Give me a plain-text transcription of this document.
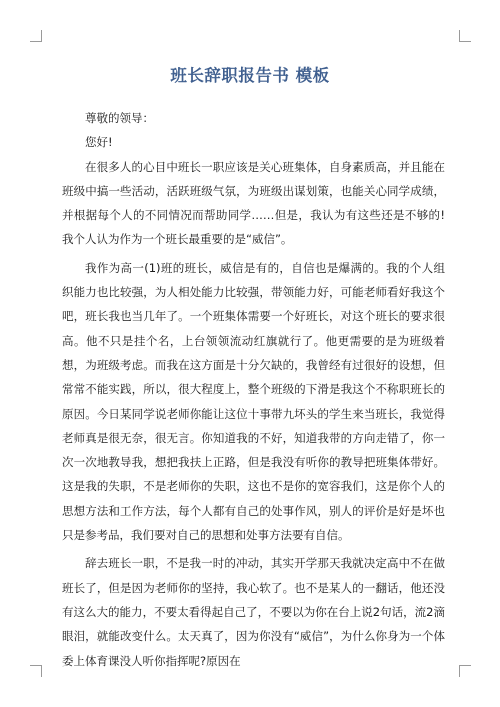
班长辞职报告书 模板

尊敬的领导：

您好!

在很多人的心目中班长一职应该是关心班集体，自身素质高，并且能在班级中搞一些活动，活跃班级气氛，为班级出谋划策，也能关心同学成绩，并根据每个人的不同情况而帮助同学……但是，我认为有这些还是不够的! 我个人认为作为一个班长最重要的是“威信”。

我作为高一(1)班的班长，威信是有的，自信也是爆满的。我的个人组织能力也比较强，为人相处能力比较强，带领能力好，可能老师看好我这个吧，班长我也当几年了。一个班集体需要一个好班长，对这个班长的要求很高。他不只是挂个名，上台领领流动红旗就行了。他更需要的是为班级着想，为班级考虑。而我在这方面是十分欠缺的，我曾经有过很好的设想，但常常不能实践，所以，很大程度上，整个班级的下滑是我这个不称职班长的原因。今日某同学说老师你能让这位十事带九坏头的学生来当班长，我觉得老师真是很无奈，很无言。你知道我的不好，知道我带的方向走错了，你一次一次地教导我，想把我扶上正路，但是我没有听你的教导把班集体带好。这是我的失职，不是老师你的失职，这也不是你的宽容我们，这是你个人的思想方法和工作方法，每个人都有自己的处事作风，别人的评价是好是坏也只是参考品，我们要对自己的思想和处事方法要有自信。

辞去班长一职，不是我一时的冲动，其实开学那天我就决定高中不在做班长了，但是因为老师你的坚持，我心软了。也不是某人的一翻话，他还没有这么大的能力，不要太看得起自己了，不要以为你在台上说2句话，流2滴眼泪，就能改变什么。太天真了，因为你没有“威信”，为什么你身为一个体委上体育课没人听你指挥呢?原因在
